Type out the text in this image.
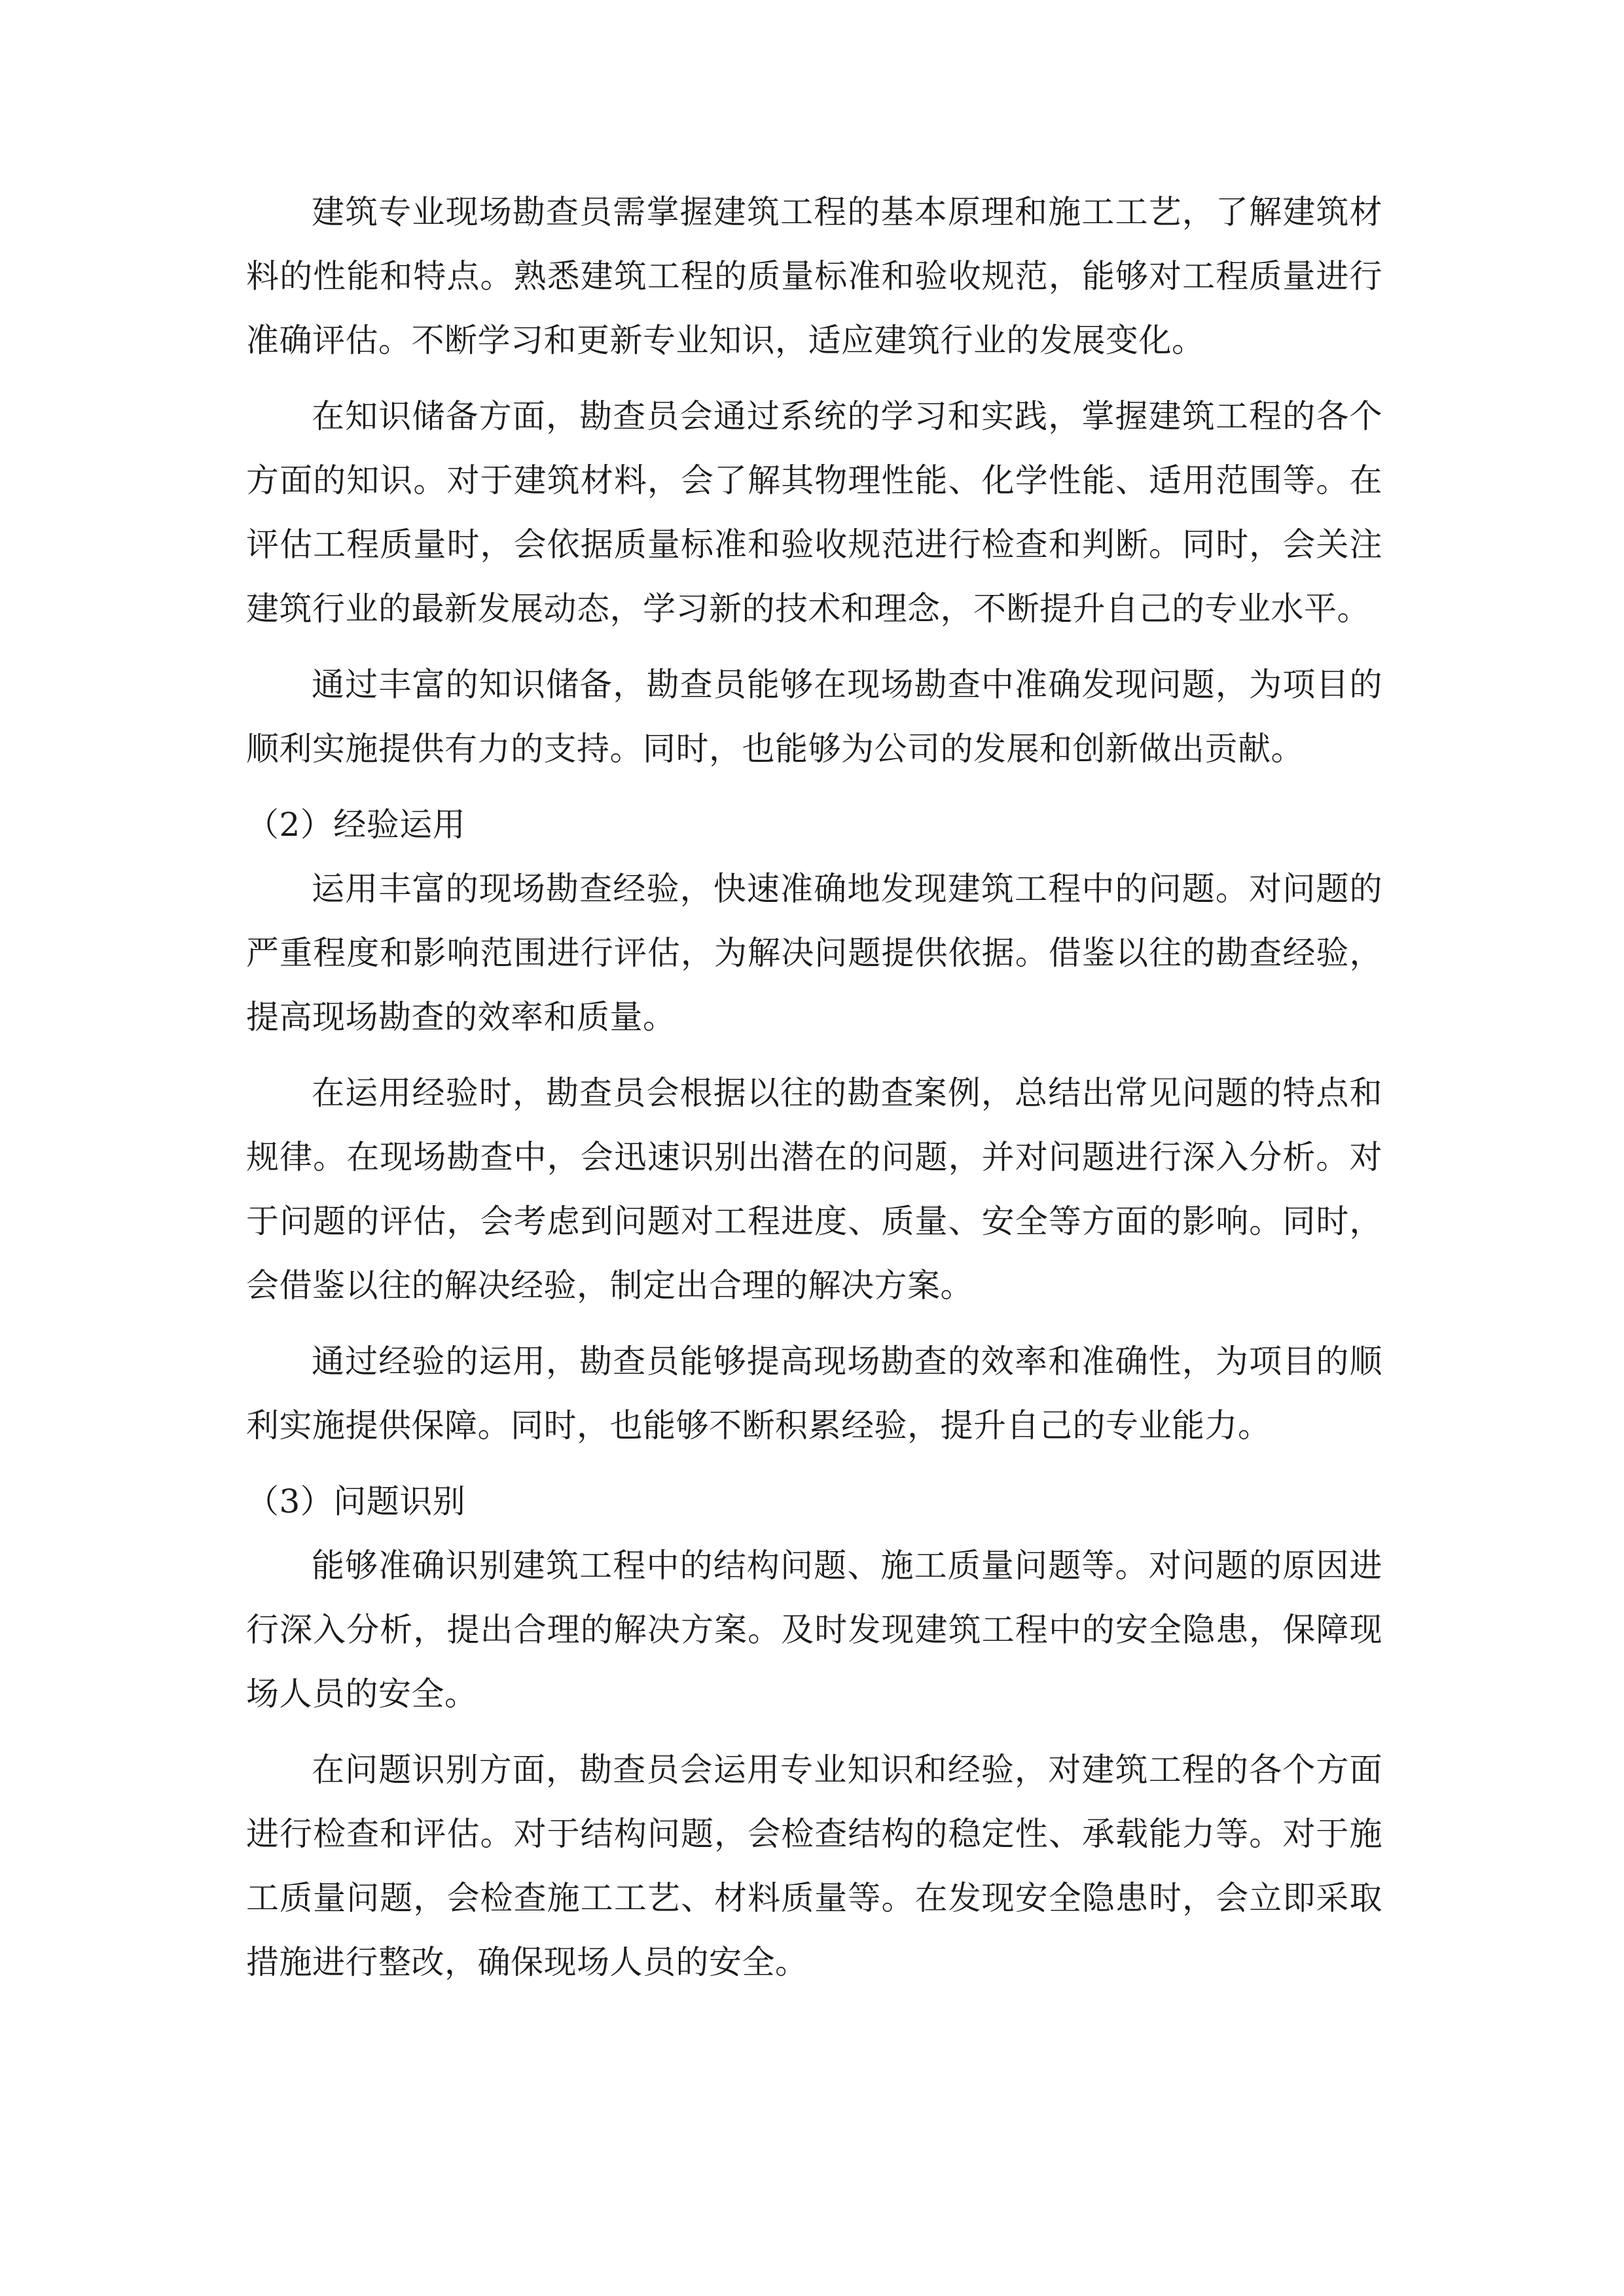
建筑专业现场勘查员需掌握建筑工程的基本原理和施工工艺，了解建筑材料的性能和特点。熟悉建筑工程的质量标准和验收规范，能够对工程质量进行准确评估。不断学习和更新专业知识，适应建筑行业的发展变化。

在知识储备方面，勘查员会通过系统的学习和实践，掌握建筑工程的各个方面的知识。对于建筑材料，会了解其物理性能、化学性能、适用范围等。在评估工程质量时，会依据质量标准和验收规范进行检查和判断。同时，会关注建筑行业的最新发展动态，学习新的技术和理念，不断提升自己的专业水平。

通过丰富的知识储备，勘查员能够在现场勘查中准确发现问题，为项目的顺利实施提供有力的支持。同时，也能够为公司的发展和创新做出贡献。

（2）经验运用

运用丰富的现场勘查经验，快速准确地发现建筑工程中的问题。对问题的严重程度和影响范围进行评估，为解决问题提供依据。借鉴以往的勘查经验，提高现场勘查的效率和质量。

在运用经验时，勘查员会根据以往的勘查案例，总结出常见问题的特点和规律。在现场勘查中，会迅速识别出潜在的问题，并对问题进行深入分析。对于问题的评估，会考虑到问题对工程进度、质量、安全等方面的影响。同时，会借鉴以往的解决经验，制定出合理的解决方案。

通过经验的运用，勘查员能够提高现场勘查的效率和准确性，为项目的顺利实施提供保障。同时，也能够不断积累经验，提升自己的专业能力。

（3）问题识别

能够准确识别建筑工程中的结构问题、施工质量问题等。对问题的原因进行深入分析，提出合理的解决方案。及时发现建筑工程中的安全隐患，保障现场人员的安全。

在问题识别方面，勘查员会运用专业知识和经验，对建筑工程的各个方面进行检查和评估。对于结构问题，会检查结构的稳定性、承载能力等。对于施工质量问题，会检查施工工艺、材料质量等。在发现安全隐患时，会立即采取措施进行整改，确保现场人员的安全。
